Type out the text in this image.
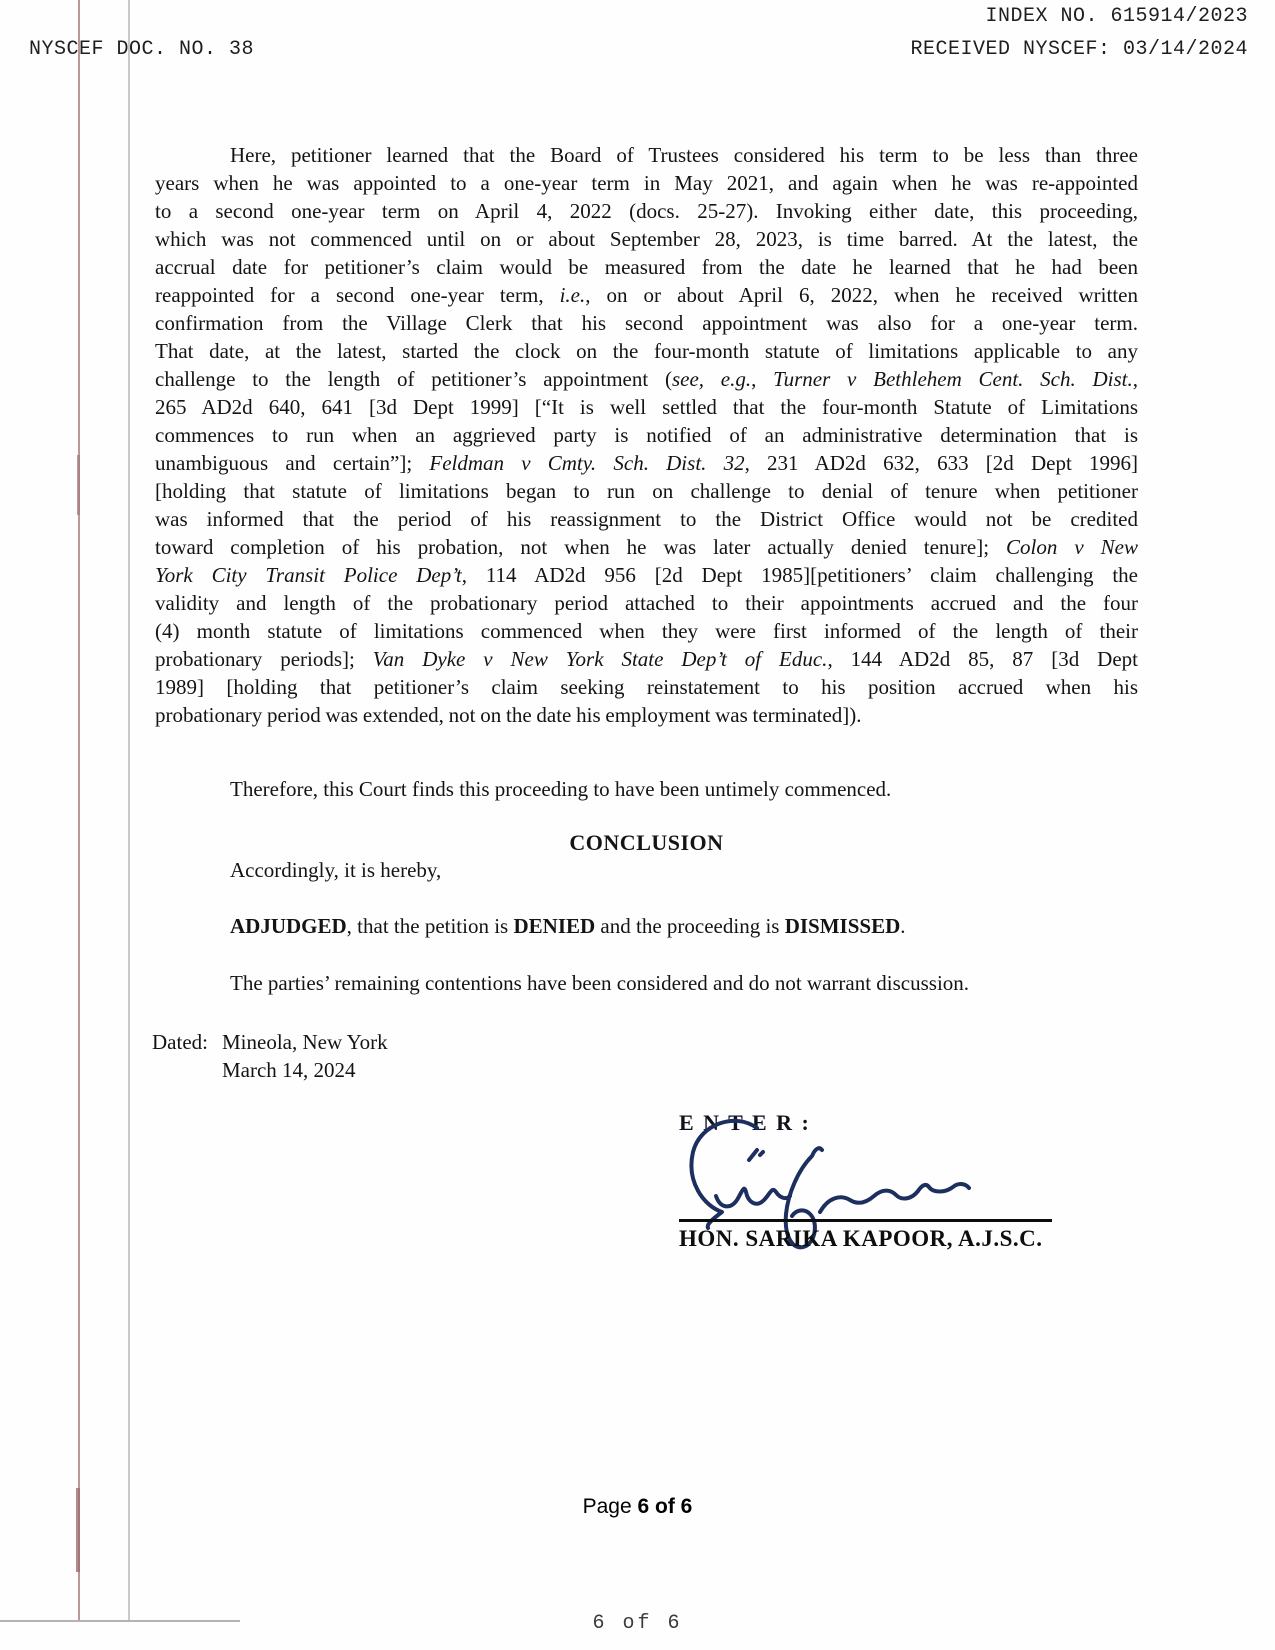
INDEX NO. 615914/2023
NYSCEF DOC. NO. 38	RECEIVED NYSCEF: 03/14/2024
Here, petitioner learned that the Board of Trustees considered his term to be less than three
years when he was appointed to a one-year term in May 2021, and again when he was re-appointed
to a second one-year term on April 4, 2022 (docs. 25-27). Invoking either date, this proceeding,
which was not commenced until on or about September 28, 2023, is time barred. At the latest, the
accrual date for petitioner’s claim would be measured from the date he learned that he had been
reappointed for a second one-year term, i.e., on or about April 6, 2022, when he received written
confirmation from the Village Clerk that his second appointment was also for a one-year term.
That date, at the latest, started the clock on the four-month statute of limitations applicable to any
challenge to the length of petitioner’s appointment (see, e.g., Turner v Bethlehem Cent. Sch. Dist.,
265 AD2d 640, 641 [3d Dept 1999] [“It is well settled that the four-month Statute of Limitations
commences to run when an aggrieved party is notified of an administrative determination that is
unambiguous and certain”]; Feldman v Cmty. Sch. Dist. 32, 231 AD2d 632, 633 [2d Dept 1996]
[holding that statute of limitations began to run on challenge to denial of tenure when petitioner
was informed that the period of his reassignment to the District Office would not be credited
toward completion of his probation, not when he was later actually denied tenure]; Colon v New
York City Transit Police Dep’t, 114 AD2d 956 [2d Dept 1985][petitioners’ claim challenging the
validity and length of the probationary period attached to their appointments accrued and the four
(4) month statute of limitations commenced when they were first informed of the length of their
probationary periods]; Van Dyke v New York State Dep’t of Educ., 144 AD2d 85, 87 [3d Dept
1989] [holding that petitioner’s claim seeking reinstatement to his position accrued when his
probationary period was extended, not on the date his employment was terminated]).
Therefore, this Court finds this proceeding to have been untimely commenced.
CONCLUSION
Accordingly, it is hereby,
ADJUDGED, that the petition is DENIED and the proceeding is DISMISSED.
The parties’ remaining contentions have been considered and do not warrant discussion.
Dated: Mineola, New York
March 14, 2024
E N T E R :
HON. SARIKA KAPOOR, A.J.S.C.
Page 6 of 6
6 of 6
